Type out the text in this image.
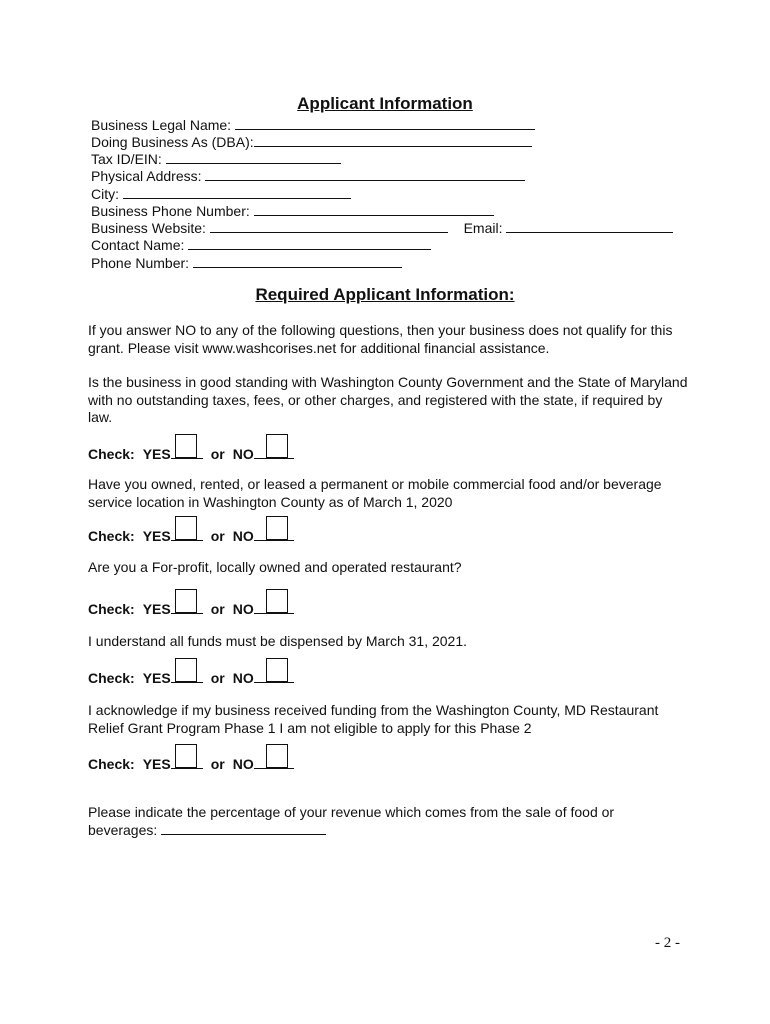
Applicant Information
Business Legal Name:
Doing Business As (DBA):
Tax ID/EIN:
Physical Address:
City:
Business Phone Number:
Business Website:	Email:
Contact Name:
Phone Number:
Required Applicant Information:
If you answer NO to any of the following questions, then your business does not qualify for this grant. Please visit www.washcorises.net for additional financial assistance.
Is the business in good standing with Washington County Government and the State of Maryland with no outstanding taxes, fees, or other charges, and registered with the state, if required by law.
Check: YES	or NO
Have you owned, rented, or leased a permanent or mobile commercial food and/or beverage service location in Washington County as of March 1, 2020
Check: YES	or NO
Are you a For-profit, locally owned and operated restaurant?
Check: YES	or NO
I understand all funds must be dispensed by March 31, 2021.
Check: YES	or NO
I acknowledge if my business received funding from the Washington County, MD Restaurant Relief Grant Program Phase 1 I am not eligible to apply for this Phase 2
Check: YES	or NO
Please indicate the percentage of your revenue which comes from the sale of food or
beverages:
- 2 -
